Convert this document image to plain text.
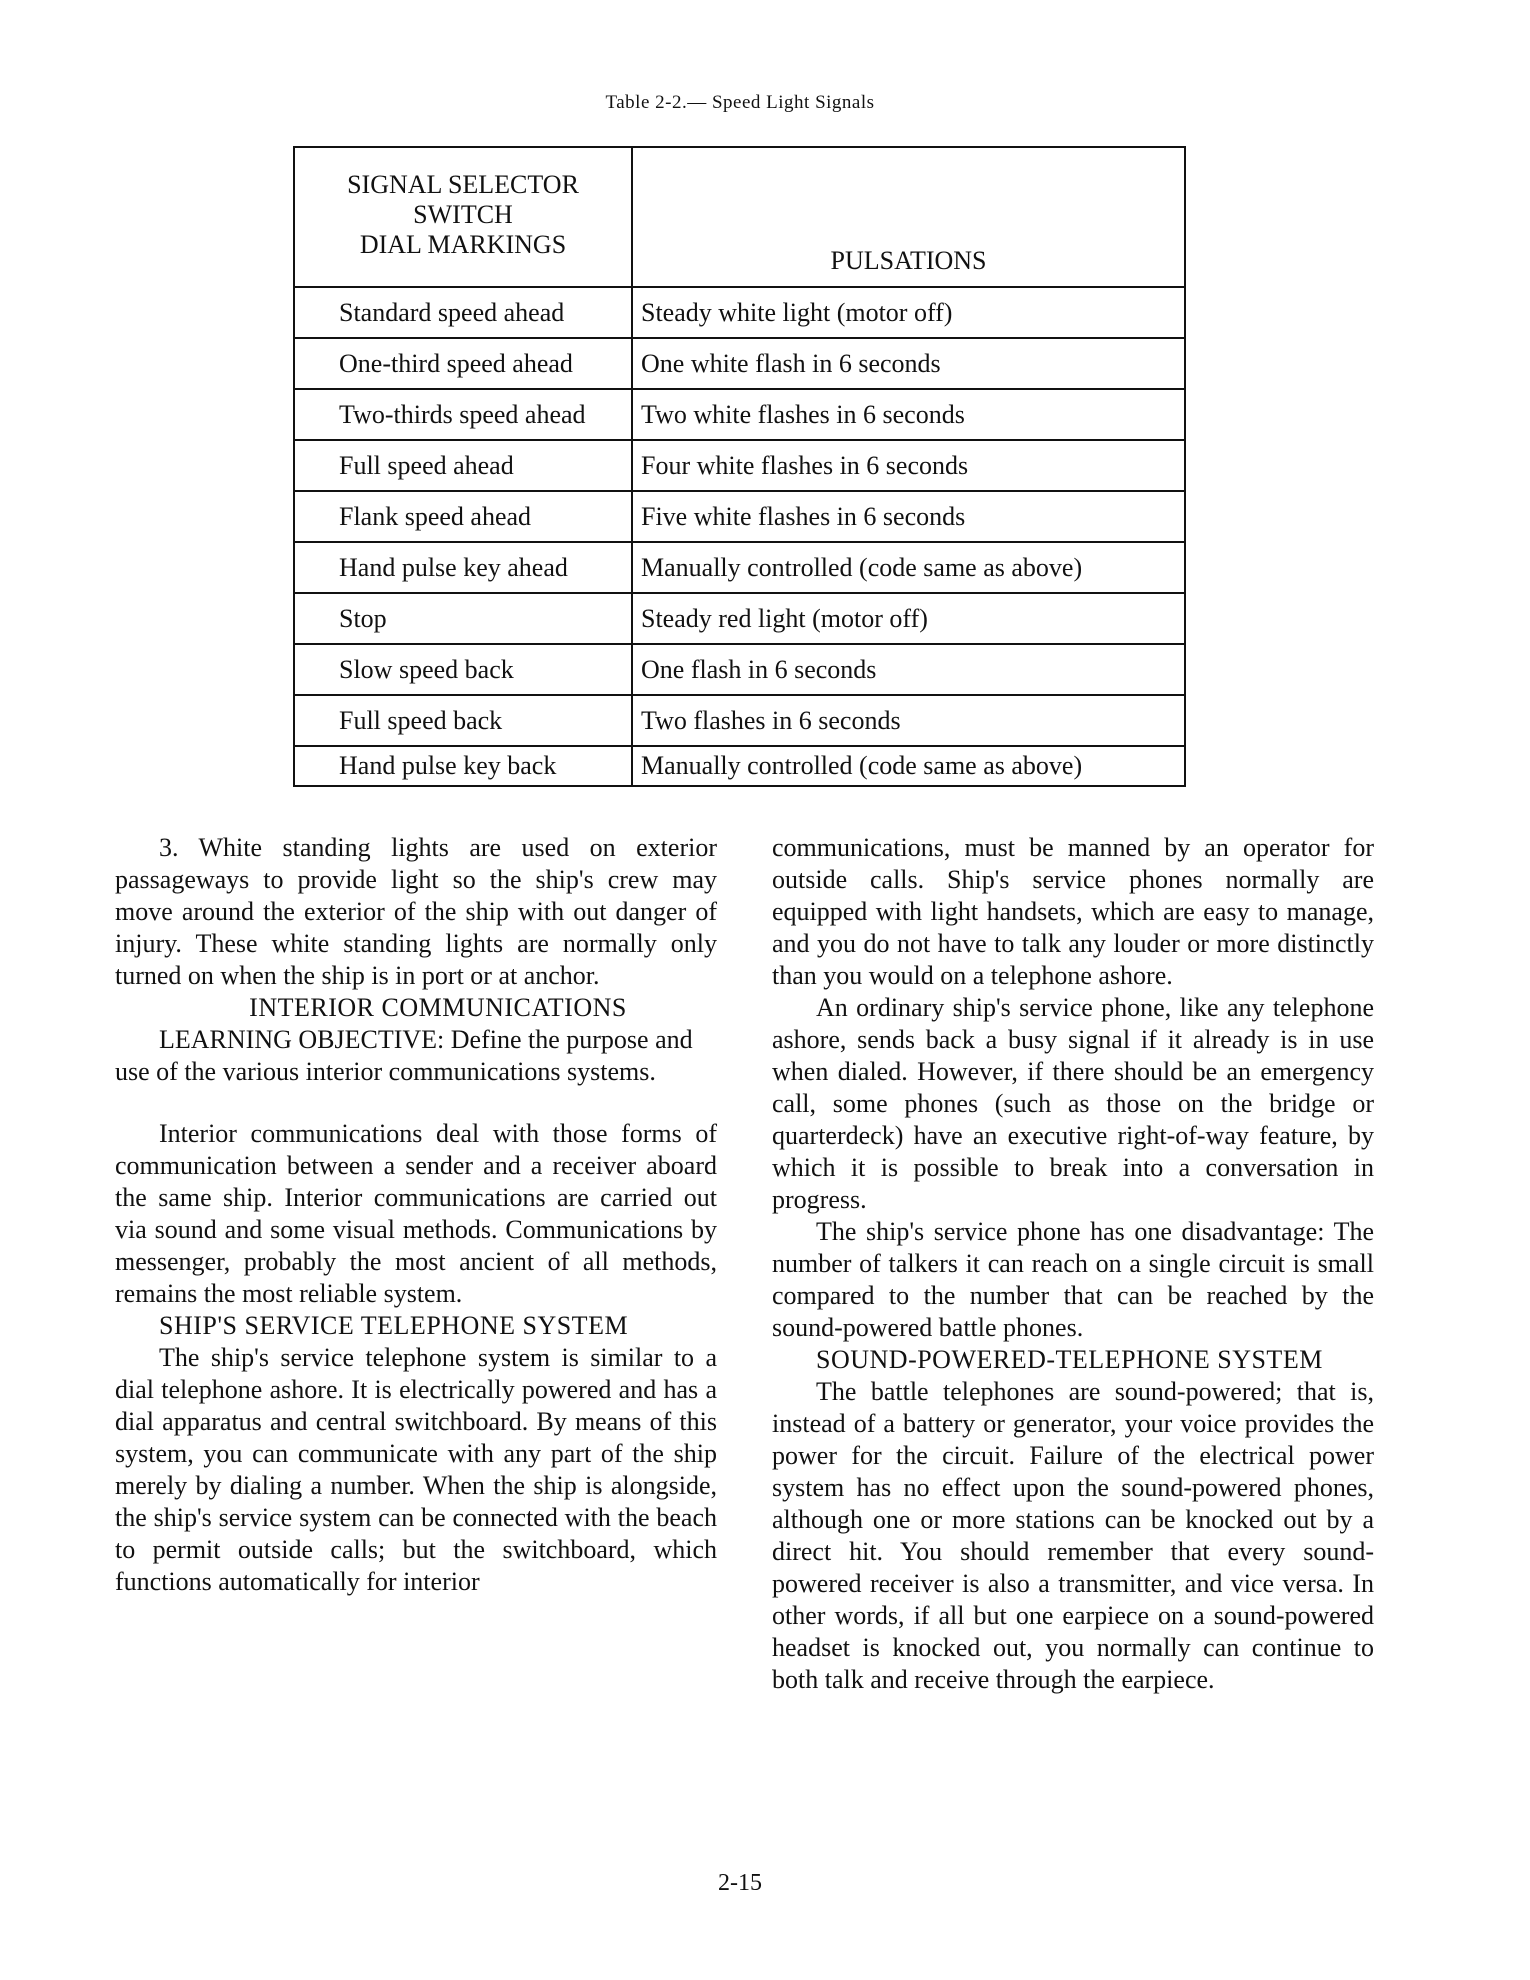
Table 2-2.— Speed Light Signals
SIGNAL SELECTOR
SWITCH
DIAL MARKINGS	PULSATIONS
Standard speed ahead	Steady white light (motor off)
One-third speed ahead	One white flash in 6 seconds
Two-thirds speed ahead	Two white flashes in 6 seconds
Full speed ahead	Four white flashes in 6 seconds
Flank speed ahead	Five white flashes in 6 seconds
Hand pulse key ahead	Manually controlled (code same as above)
Stop	Steady red light (motor off)
Slow speed back	One flash in 6 seconds
Full speed back	Two flashes in 6 seconds
Hand pulse key back	Manually controlled (code same as above)

3. White standing lights are used on exterior passageways to provide light so the ship's crew may move around the exterior of the ship with out danger of injury. These white standing lights are normally only turned on when the ship is in port or at anchor.

INTERIOR COMMUNICATIONS

LEARNING OBJECTIVE: Define the purpose and use of the various interior communications systems.

Interior communications deal with those forms of communication between a sender and a receiver aboard the same ship. Interior communications are carried out via sound and some visual methods. Communications by messenger, probably the most ancient of all methods, remains the most reliable system.

SHIP'S SERVICE TELEPHONE SYSTEM

The ship's service telephone system is similar to a dial telephone ashore. It is electrically powered and has a dial apparatus and central switchboard. By means of this system, you can communicate with any part of the ship merely by dialing a number. When the ship is alongside, the ship's service system can be connected with the beach to permit outside calls; but the switchboard, which functions automatically for interior

communications, must be manned by an operator for outside calls. Ship's service phones normally are equipped with light handsets, which are easy to manage, and you do not have to talk any louder or more distinctly than you would on a telephone ashore.

An ordinary ship's service phone, like any telephone ashore, sends back a busy signal if it already is in use when dialed. However, if there should be an emergency call, some phones (such as those on the bridge or quarterdeck) have an executive right-of-way feature, by which it is possible to break into a conversation in progress.

The ship's service phone has one disadvantage: The number of talkers it can reach on a single circuit is small compared to the number that can be reached by the sound-powered battle phones.

SOUND-POWERED-TELEPHONE SYSTEM

The battle telephones are sound-powered; that is, instead of a battery or generator, your voice provides the power for the circuit. Failure of the electrical power system has no effect upon the sound-powered phones, although one or more stations can be knocked out by a direct hit. You should remember that every sound-powered receiver is also a transmitter, and vice versa. In other words, if all but one earpiece on a sound-powered headset is knocked out, you normally can continue to both talk and receive through the earpiece.

2-15
